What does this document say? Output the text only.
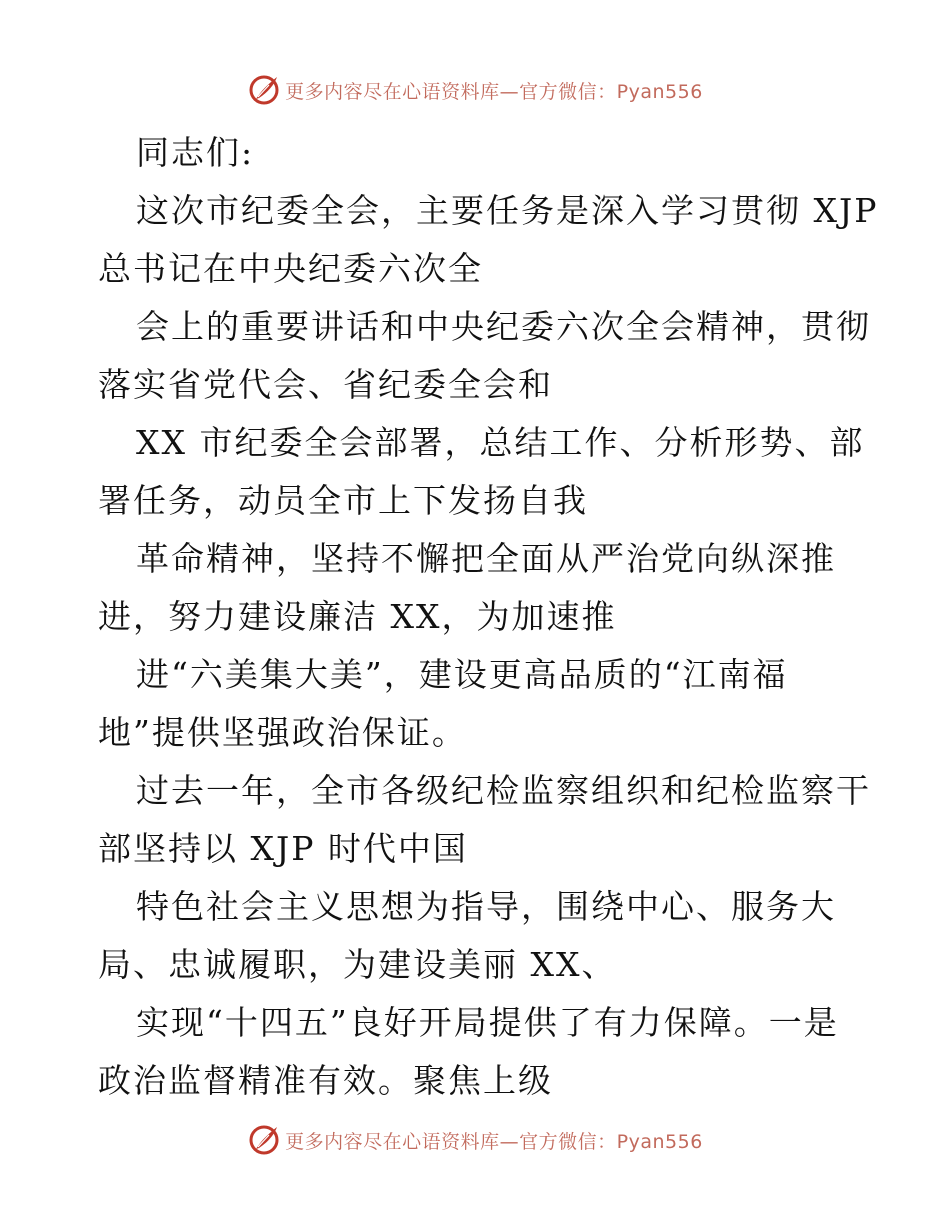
更多内容尽在心语资料库—官方微信：Pyan556
同志们:
这次市纪委全会，主要任务是深入学习贯彻 XJP
总书记在中央纪委六次全
会上的重要讲话和中央纪委六次全会精神，贯彻
落实省党代会、省纪委全会和
XX 市纪委全会部署，总结工作、分析形势、部
署任务，动员全市上下发扬自我
革命精神，坚持不懈把全面从严治党向纵深推
进，努力建设廉洁 XX，为加速推
进“六美集大美”，建设更高品质的“江南福
地”提供坚强政治保证。
过去一年，全市各级纪检监察组织和纪检监察干
部坚持以 XJP 时代中国
特色社会主义思想为指导，围绕中心、服务大
局、忠诚履职，为建设美丽 XX、
实现“十四五”良好开局提供了有力保障。一是
政治监督精准有效。聚焦上级
更多内容尽在心语资料库—官方微信：Pyan556
